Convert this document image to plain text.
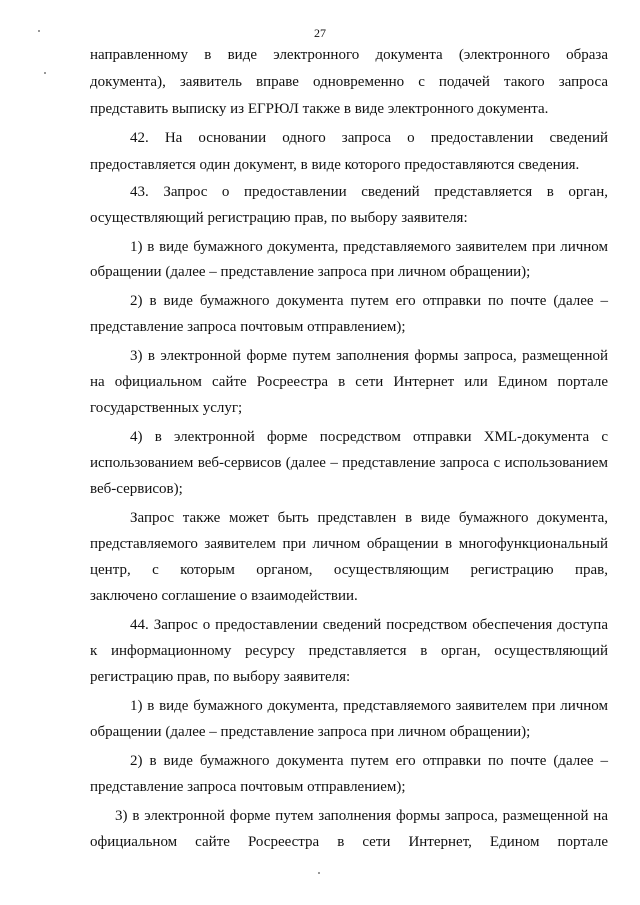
27
направленному в виде электронного документа (электронного образа
документа), заявитель вправе одновременно с подачей такого запроса
представить выписку из ЕГРЮЛ также в виде электронного документа.
42. На основании одного запроса о предоставлении сведений
предоставляется один документ, в виде которого предоставляются сведения.
43. Запрос о предоставлении сведений представляется в орган,
осуществляющий регистрацию прав, по выбору заявителя:
1) в виде бумажного документа, представляемого заявителем при личном
обращении (далее – представление запроса при личном обращении);
2) в виде бумажного документа путем его отправки по почте (далее –
представление запроса почтовым отправлением);
3) в электронной форме путем заполнения формы запроса, размещенной
на официальном сайте Росреестра в сети Интернет или Едином портале
государственных услуг;
4) в электронной форме посредством отправки XML-документа с
использованием веб-сервисов (далее – представление запроса с использованием
веб-сервисов);
Запрос также может быть представлен в виде бумажного документа,
представляемого заявителем при личном обращении в многофункциональный
центр, с которым органом, осуществляющим регистрацию прав,
заключено соглашение о взаимодействии.
44. Запрос о предоставлении сведений посредством обеспечения доступа
к информационному ресурсу представляется в орган, осуществляющий
регистрацию прав, по выбору заявителя:
1) в виде бумажного документа, представляемого заявителем при личном
обращении (далее – представление запроса при личном обращении);
2) в виде бумажного документа путем его отправки по почте (далее –
представление запроса почтовым отправлением);
3) в электронной форме путем заполнения формы запроса, размещенной на
официальном сайте Росреестра в сети Интернет, Едином портале
